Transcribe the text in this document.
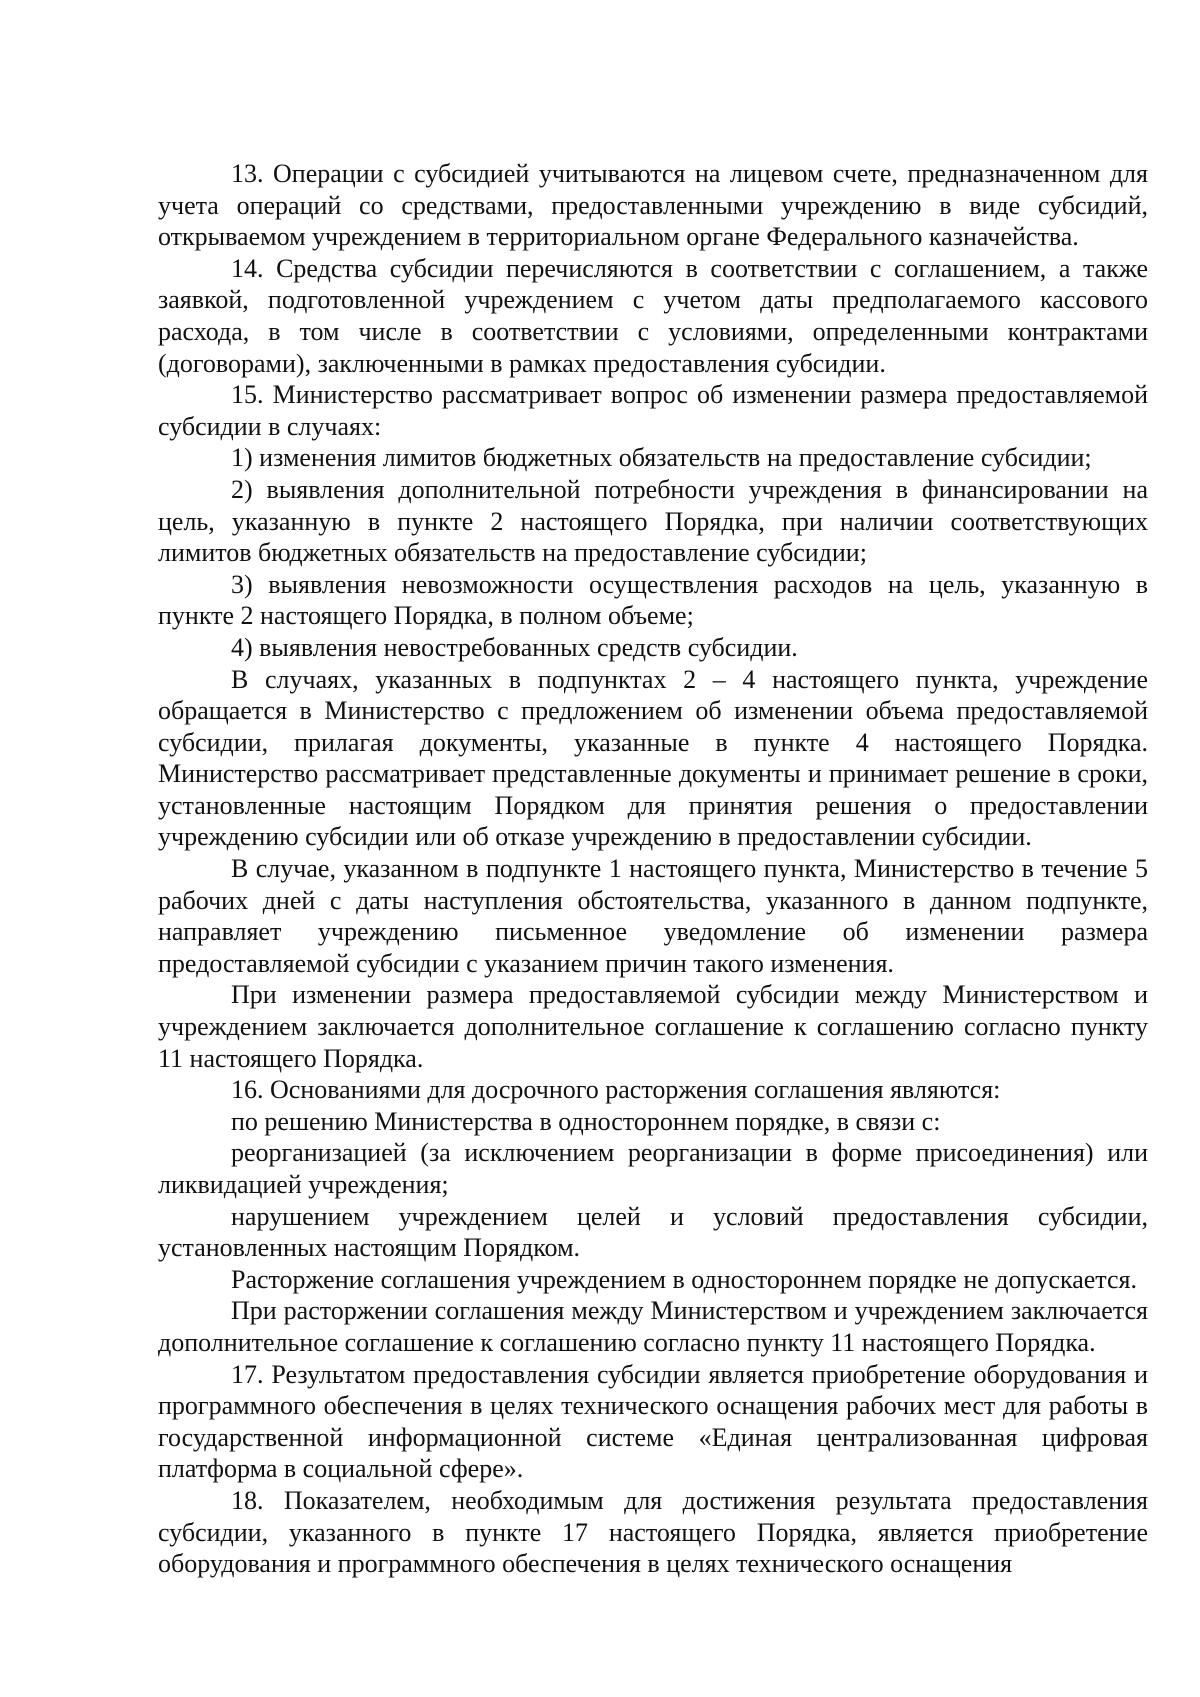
13. Операции с субсидией учитываются на лицевом счете, предназначенном для учета операций со средствами, предоставленными учреждению в виде субсидий, открываемом учреждением в территориальном органе Федерального казначейства.

14. Средства субсидии перечисляются в соответствии с соглашением, а также заявкой, подготовленной учреждением с учетом даты предполагаемого кассового расхода, в том числе в соответствии с условиями, определенными контрактами (договорами), заключенными в рамках предоставления субсидии.

15. Министерство рассматривает вопрос об изменении размера предоставляемой субсидии в случаях:

1) изменения лимитов бюджетных обязательств на предоставление субсидии;

2) выявления дополнительной потребности учреждения в финансировании на цель, указанную в пункте 2 настоящего Порядка, при наличии соответствующих лимитов бюджетных обязательств на предоставление субсидии;

3) выявления невозможности осуществления расходов на цель, указанную в пункте 2 настоящего Порядка, в полном объеме;

4) выявления невостребованных средств субсидии.

В случаях, указанных в подпунктах 2 – 4 настоящего пункта, учреждение обращается в Министерство с предложением об изменении объема предоставляемой субсидии, прилагая документы, указанные в пункте 4 настоящего Порядка. Министерство рассматривает представленные документы и принимает решение в сроки, установленные настоящим Порядком для принятия решения о предоставлении учреждению субсидии или об отказе учреждению в предоставлении субсидии.

В случае, указанном в подпункте 1 настоящего пункта, Министерство в течение 5 рабочих дней с даты наступления обстоятельства, указанного в данном подпункте, направляет учреждению письменное уведомление об изменении размера предоставляемой субсидии с указанием причин такого изменения.

При изменении размера предоставляемой субсидии между Министерством и учреждением заключается дополнительное соглашение к соглашению согласно пункту 11 настоящего Порядка.

16. Основаниями для досрочного расторжения соглашения являются:

по решению Министерства в одностороннем порядке, в связи с:

реорганизацией (за исключением реорганизации в форме присоединения) или ликвидацией учреждения;

нарушением учреждением целей и условий предоставления субсидии, установленных настоящим Порядком.

Расторжение соглашения учреждением в одностороннем порядке не допускается.

При расторжении соглашения между Министерством и учреждением заключается дополнительное соглашение к соглашению согласно пункту 11 настоящего Порядка.

17. Результатом предоставления субсидии является приобретение оборудования и программного обеспечения в целях технического оснащения рабочих мест для работы в государственной информационной системе «Единая централизованная цифровая платформа в социальной сфере».

18. Показателем, необходимым для достижения результата предоставления субсидии, указанного в пункте 17 настоящего Порядка, является приобретение оборудования и программного обеспечения в целях технического оснащения
